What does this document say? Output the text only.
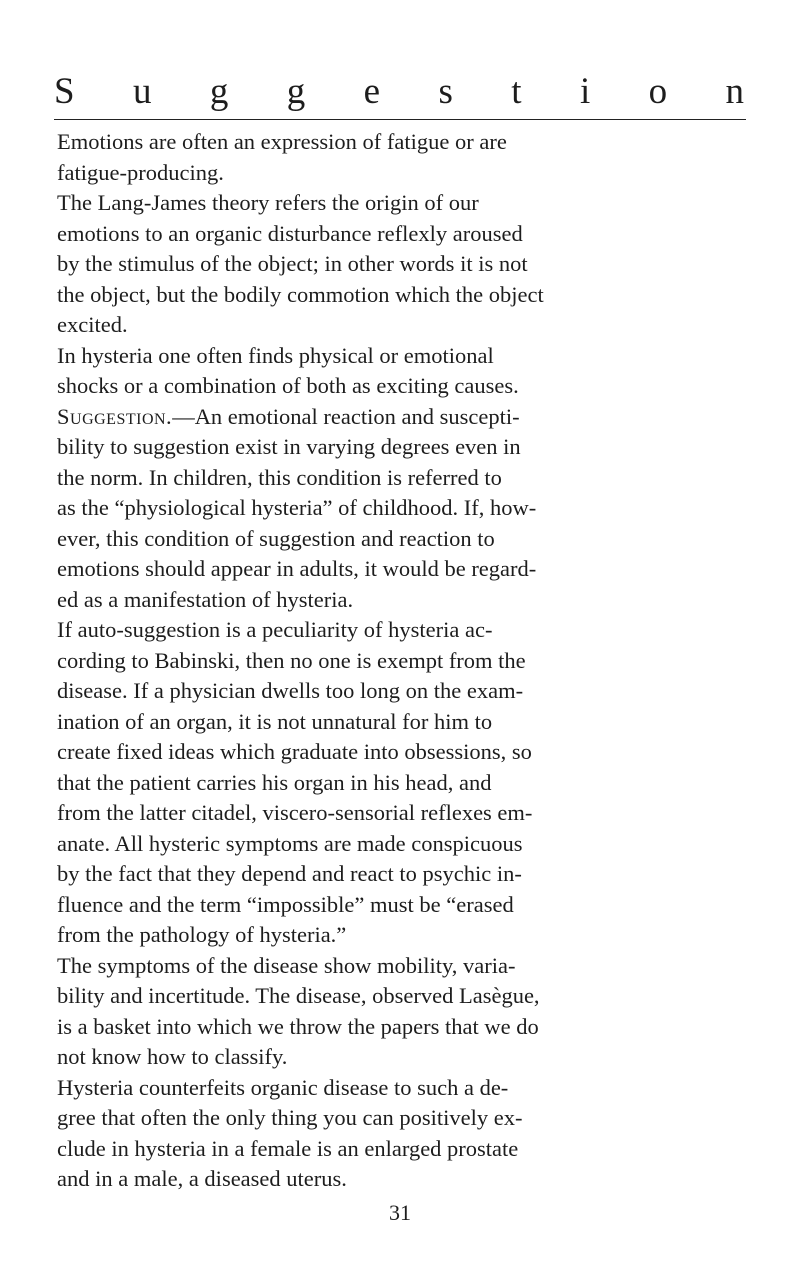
S u g g e s t i o n
Emotions are often an expression of fatigue or are
fatigue-producing.
The Lang-James theory refers the origin of our
emotions to an organic disturbance reflexly aroused
by the stimulus of the object; in other words it is not
the object, but the bodily commotion which the object
excited.
In hysteria one often finds physical or emotional
shocks or a combination of both as exciting causes.
Suggestion.—An emotional reaction and suscepti-
bility to suggestion exist in varying degrees even in
the norm. In children, this condition is referred to
as the “physiological hysteria” of childhood. If, how-
ever, this condition of suggestion and reaction to
emotions should appear in adults, it would be regard-
ed as a manifestation of hysteria.
If auto-suggestion is a peculiarity of hysteria ac-
cording to Babinski, then no one is exempt from the
disease. If a physician dwells too long on the exam-
ination of an organ, it is not unnatural for him to
create fixed ideas which graduate into obsessions, so
that the patient carries his organ in his head, and
from the latter citadel, viscero-sensorial reflexes em-
anate. All hysteric symptoms are made conspicuous
by the fact that they depend and react to psychic in-
fluence and the term “impossible” must be “erased
from the pathology of hysteria.”
The symptoms of the disease show mobility, varia-
bility and incertitude. The disease, observed Lasègue,
is a basket into which we throw the papers that we do
not know how to classify.
Hysteria counterfeits organic disease to such a de-
gree that often the only thing you can positively ex-
clude in hysteria in a female is an enlarged prostate
and in a male, a diseased uterus.
31
